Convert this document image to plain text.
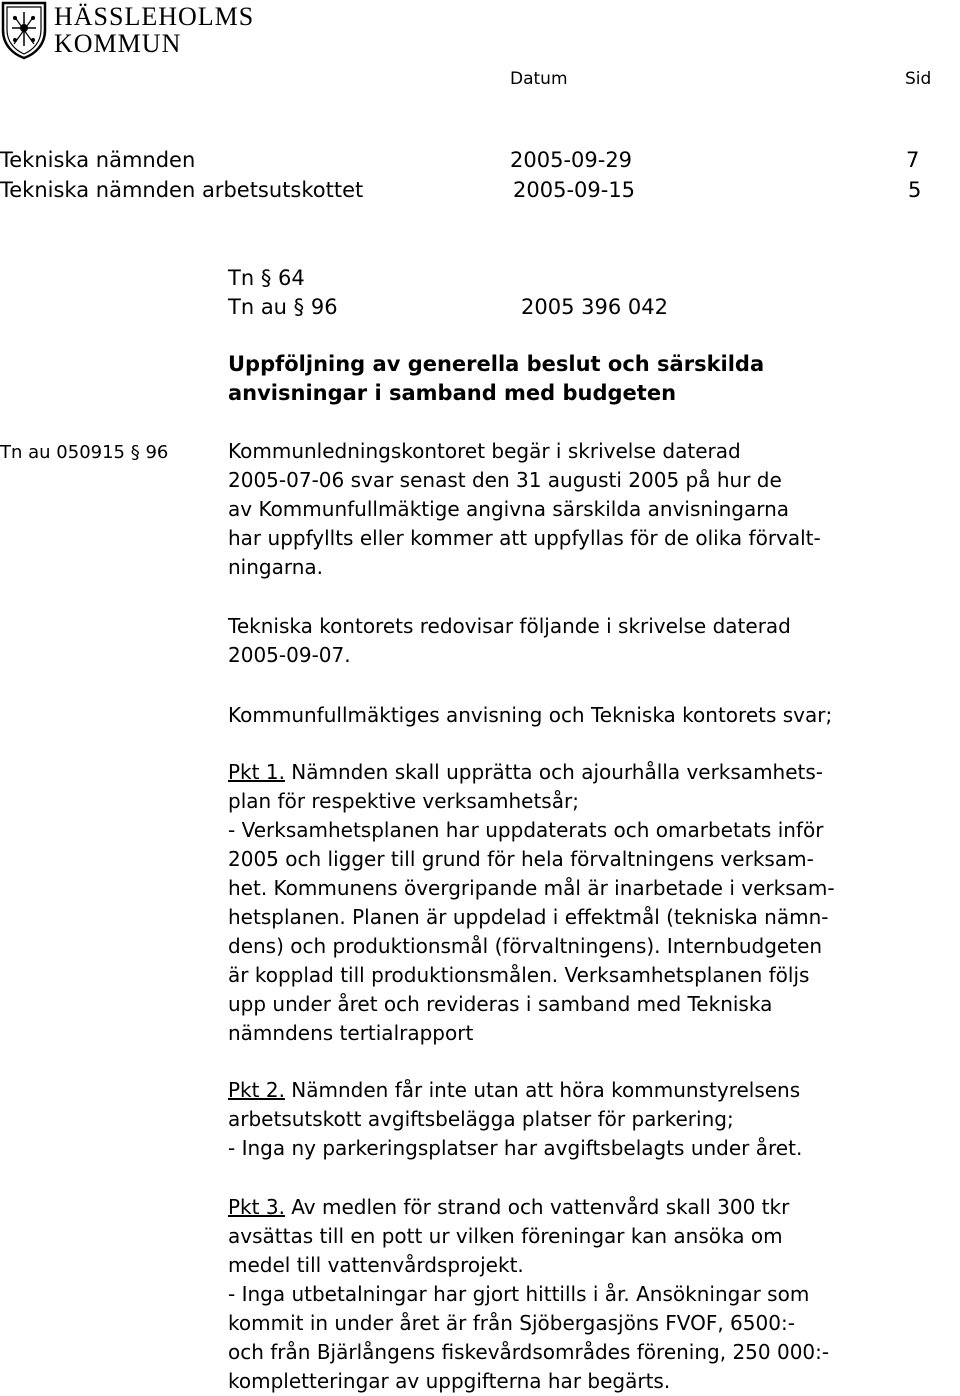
HÄSSLEHOLMS
KOMMUN
Datum	Sid
Tekniska nämnden	2005-09-29	7
Tekniska nämnden arbetsutskottet	2005-09-15	5
Tn § 64
Tn au § 96	2005 396 042
Uppföljning av generella beslut och särskilda
anvisningar i samband med budgeten
Tn au 050915 § 96	Kommunledningskontoret begär i skrivelse daterad
2005-07-06 svar senast den 31 augusti 2005 på hur de
av Kommunfullmäktige angivna särskilda anvisningarna
har uppfyllts eller kommer att uppfyllas för de olika förvalt-
ningarna.
Tekniska kontorets redovisar följande i skrivelse daterad
2005-09-07.
Kommunfullmäktiges anvisning och Tekniska kontorets svar;
Pkt 1. Nämnden skall upprätta och ajourhålla verksamhets-
plan för respektive verksamhetsår;
- Verksamhetsplanen har uppdaterats och omarbetats inför
2005 och ligger till grund för hela förvaltningens verksam-
het. Kommunens övergripande mål är inarbetade i verksam-
hetsplanen. Planen är uppdelad i effektmål (tekniska nämn-
dens) och produktionsmål (förvaltningens). Internbudgeten
är kopplad till produktionsmålen. Verksamhetsplanen följs
upp under året och revideras i samband med Tekniska
nämndens tertialrapport
Pkt 2. Nämnden får inte utan att höra kommunstyrelsens
arbetsutskott avgiftsbelägga platser för parkering;
- Inga ny parkeringsplatser har avgiftsbelagts under året.
Pkt 3. Av medlen för strand och vattenvård skall 300 tkr
avsättas till en pott ur vilken föreningar kan ansöka om
medel till vattenvårdsprojekt.
- Inga utbetalningar har gjort hittills i år. Ansökningar som
kommit in under året är från Sjöbergasjöns FVOF, 6500:-
och från Bjärlångens fiskevårdsområdes förening, 250 000:-
kompletteringar av uppgifterna har begärts.
